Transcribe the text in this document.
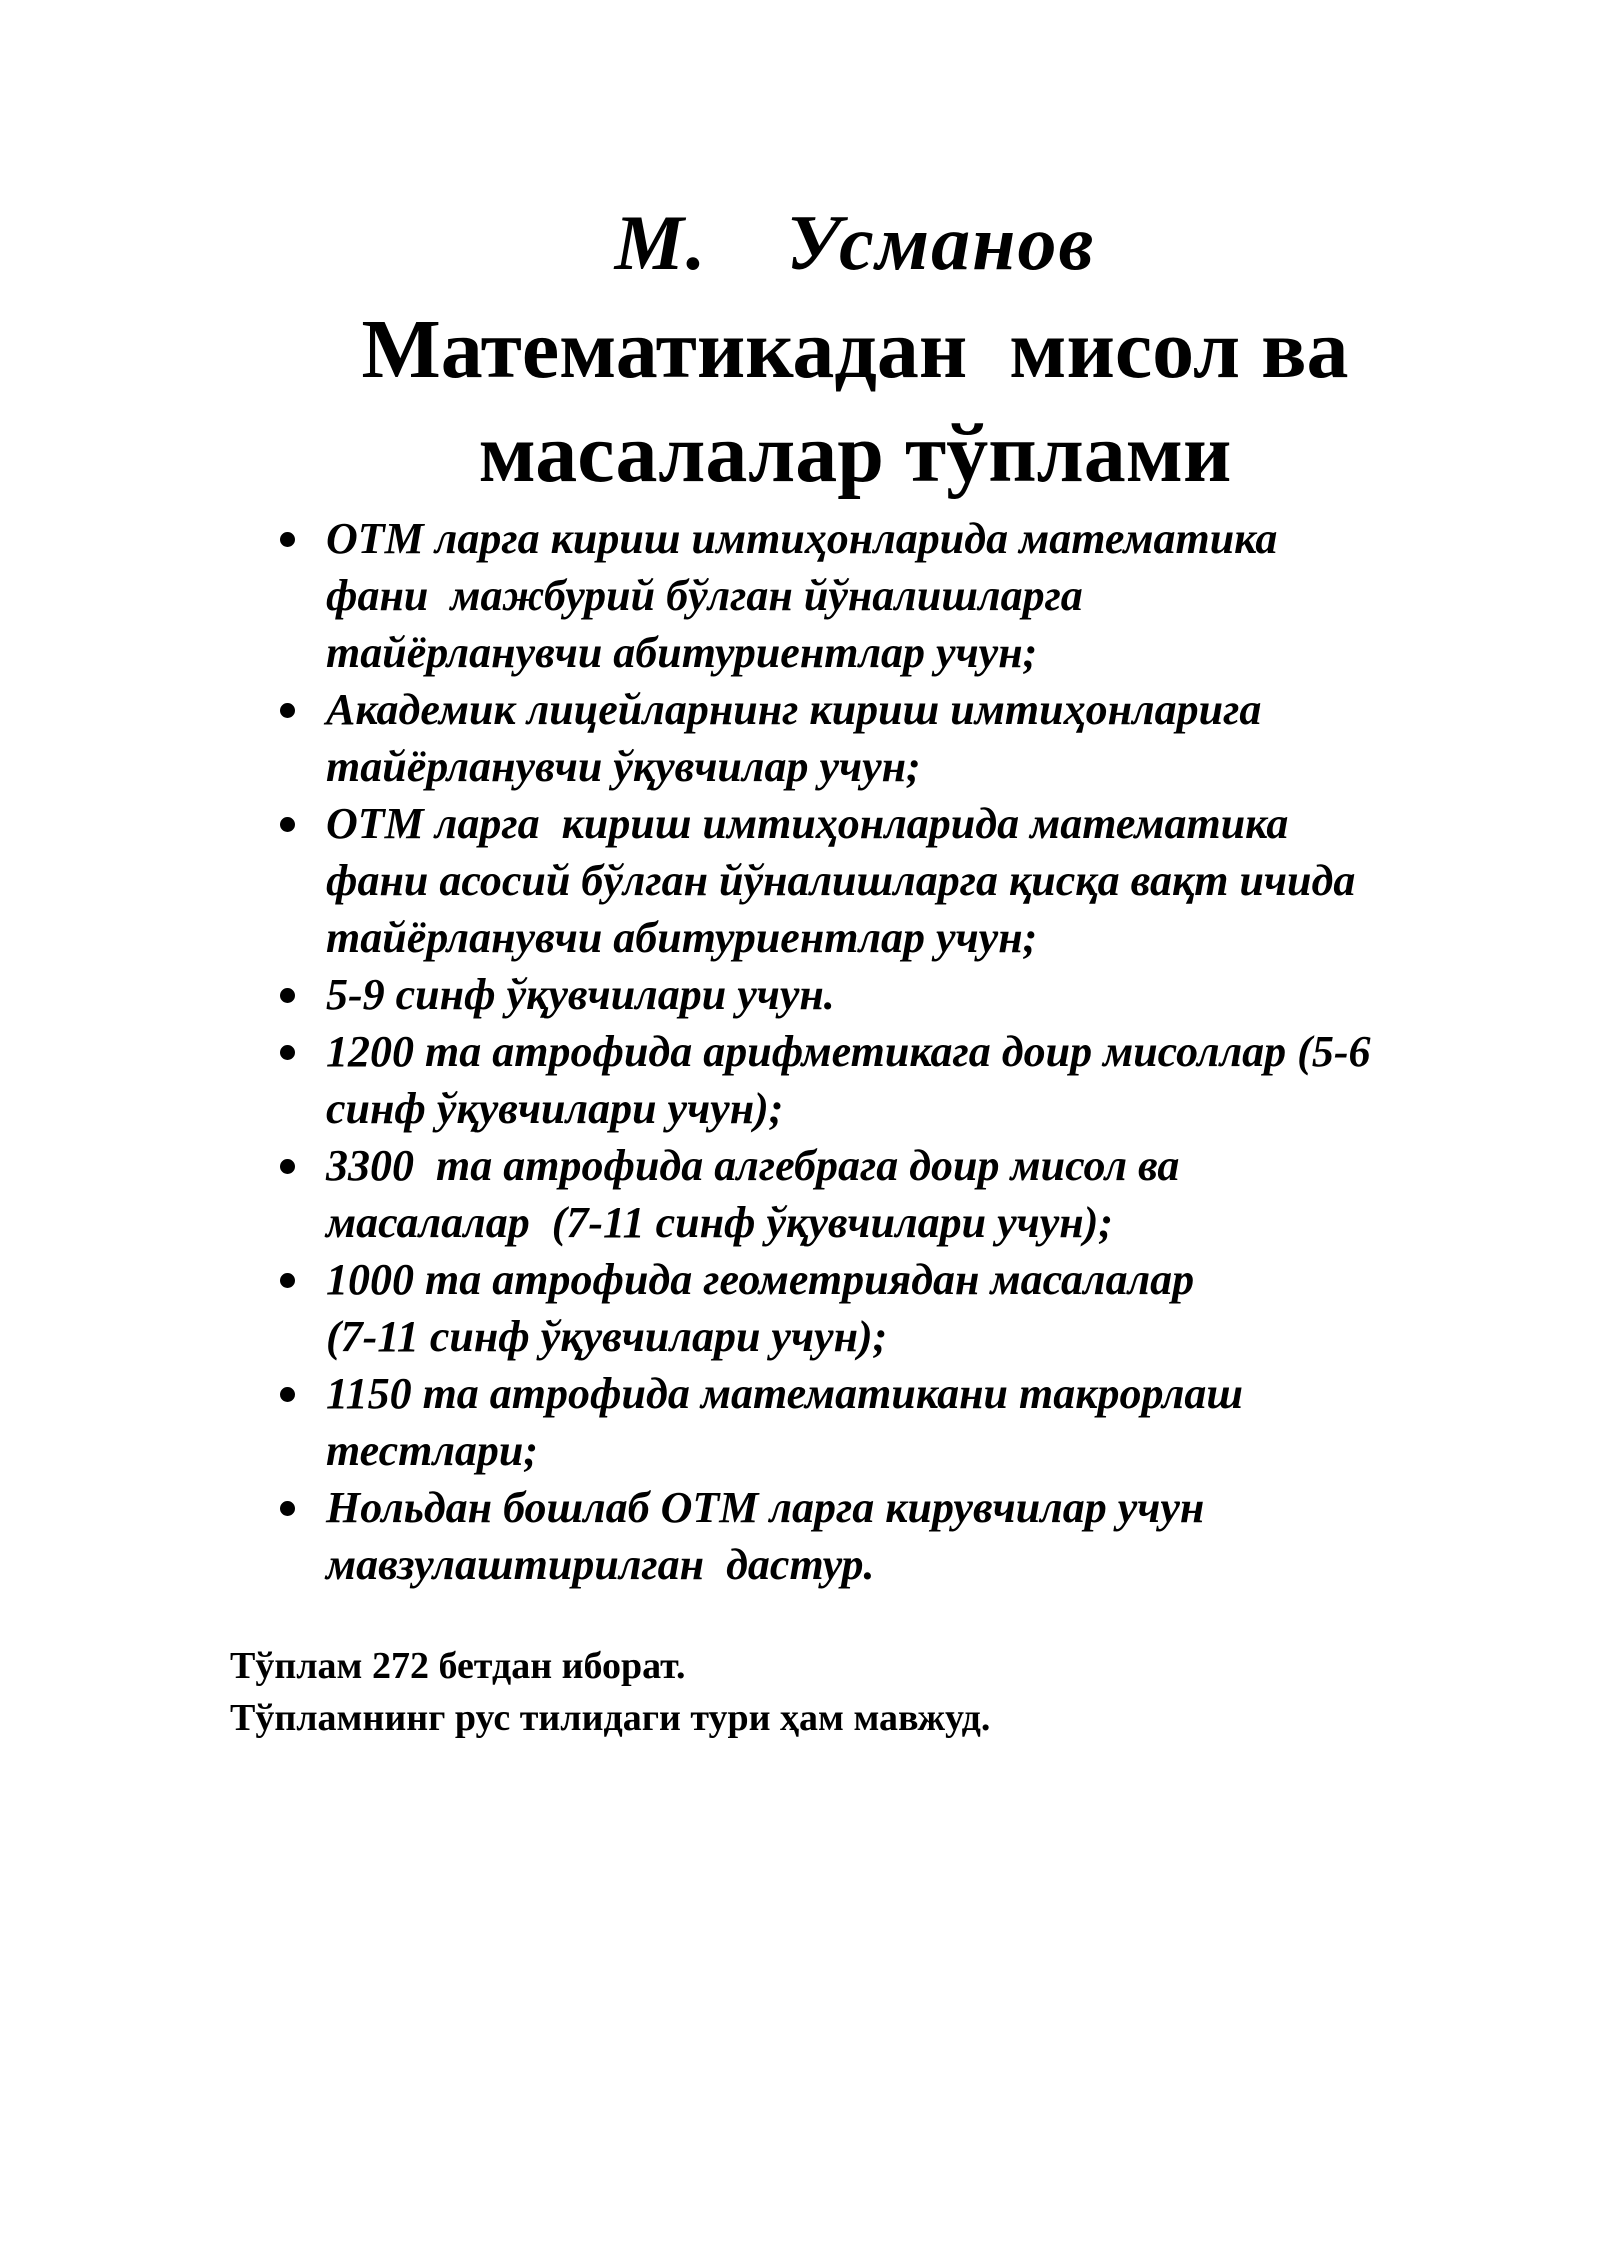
М.  Усманов
Математикадан  мисол ва
масалалар тўплами
ОТМ ларга кириш имтиҳонларида математика
фани  мажбурий бўлган йўналишларга
тайёрланувчи абитуриентлар учун;
Академик лицейларнинг кириш имтиҳонларига
тайёрланувчи ўқувчилар учун;
ОТМ ларга  кириш имтиҳонларида математика
фани асосий бўлган йўналишларга қисқа вақт ичида
тайёрланувчи абитуриентлар учун;
5-9 синф ўқувчилари учун.
1200 та атрофида арифметикага доир мисоллар (5-6
синф ўқувчилари учун);
3300  та атрофида алгебрага доир мисол ва
масалалар  (7-11 синф ўқувчилари учун);
1000 та атрофида геометриядан масалалар
(7-11 синф ўқувчилари учун);
1150 та атрофида математикани такрорлаш
тестлари;
Нольдан бошлаб ОТМ ларга кирувчилар учун
мавзулаштирилган  дастур.
Тўплам 272 бетдан иборат.
Тўпламнинг рус тилидаги тури ҳам мавжуд.
